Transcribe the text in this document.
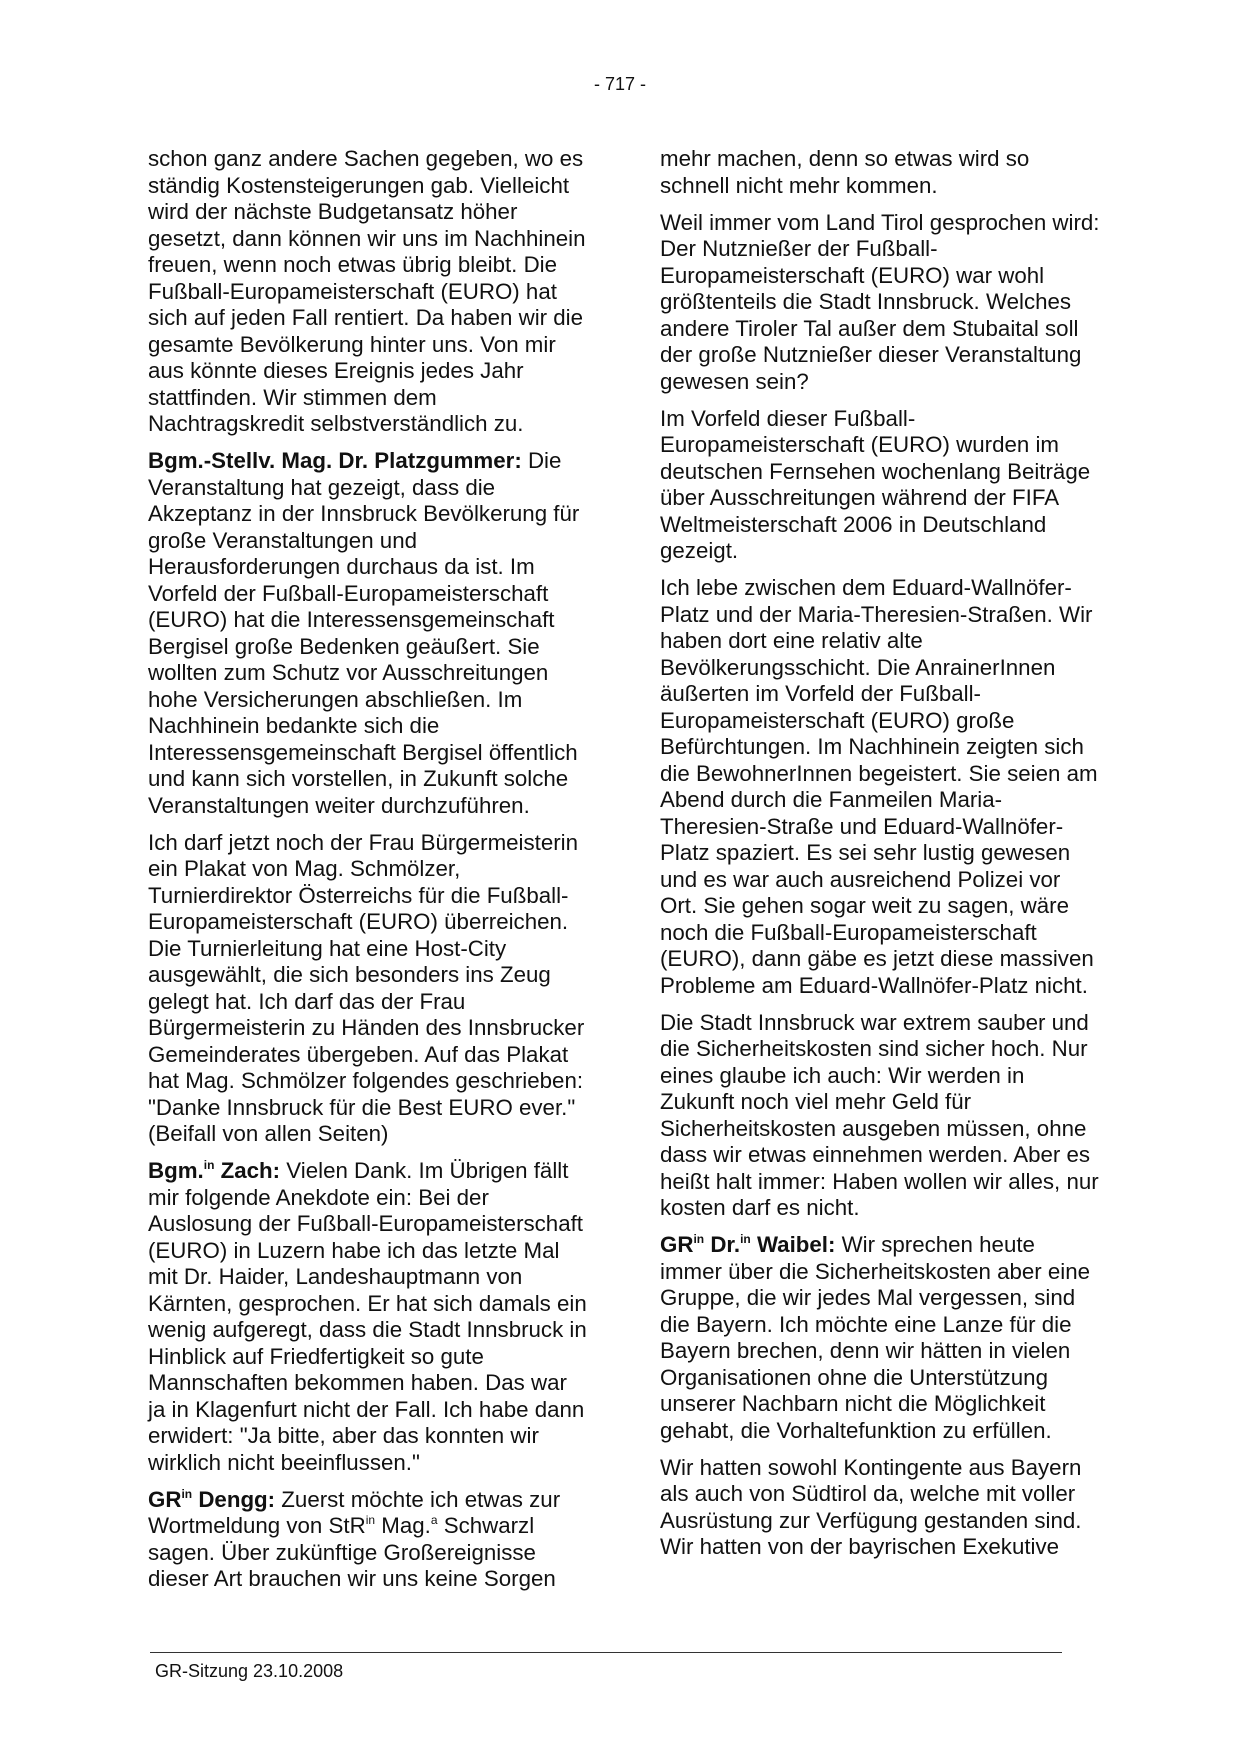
- 717 -

schon ganz andere Sachen gegeben, wo es ständig Kostensteigerungen gab. Vielleicht wird der nächste Budgetansatz höher gesetzt, dann können wir uns im Nachhinein freuen, wenn noch etwas übrig bleibt. Die Fußball-Europameisterschaft (EURO) hat sich auf jeden Fall rentiert. Da haben wir die gesamte Bevölkerung hinter uns. Von mir aus könnte dieses Ereignis jedes Jahr stattfinden. Wir stimmen dem Nachtragskredit selbstverständlich zu.

Bgm.-Stellv. Mag. Dr. Platzgummer: Die Veranstaltung hat gezeigt, dass die Akzeptanz in der Innsbruck Bevölkerung für große Veranstaltungen und Herausforderungen durchaus da ist. Im Vorfeld der Fußball-Europameisterschaft (EURO) hat die Interessensgemeinschaft Bergisel große Bedenken geäußert. Sie wollten zum Schutz vor Ausschreitungen hohe Versicherungen abschließen. Im Nachhinein bedankte sich die Interessensgemeinschaft Bergisel öffentlich und kann sich vorstellen, in Zukunft solche Veranstaltungen weiter durchzuführen.

Ich darf jetzt noch der Frau Bürgermeisterin ein Plakat von Mag. Schmölzer, Turnierdirektor Österreichs für die Fußball-Europameisterschaft (EURO) überreichen. Die Turnierleitung hat eine Host-City ausgewählt, die sich besonders ins Zeug gelegt hat. Ich darf das der Frau Bürgermeisterin zu Händen des Innsbrucker Gemeinderates übergeben. Auf das Plakat hat Mag. Schmölzer folgendes geschrieben: "Danke Innsbruck für die Best EURO ever." (Beifall von allen Seiten)

Bgm.$^{in}$ Zach: Vielen Dank. Im Übrigen fällt mir folgende Anekdote ein: Bei der Auslosung der Fußball-Europameisterschaft (EURO) in Luzern habe ich das letzte Mal mit Dr. Haider, Landeshauptmann von Kärnten, gesprochen. Er hat sich damals ein wenig aufgeregt, dass die Stadt Innsbruck in Hinblick auf Friedfertigkeit so gute Mannschaften bekommen haben. Das war ja in Klagenfurt nicht der Fall. Ich habe dann erwidert: "Ja bitte, aber das konnten wir wirklich nicht beeinflussen."

$GR^{in}$ Dengg: Zuerst möchte ich etwas zur Wortmeldung von StR$^{in}$ Mag.$^a$ Schwarzl sagen. Über zukünftige Großereignisse dieser Art brauchen wir uns keine Sorgen

mehr machen, denn so etwas wird so schnell nicht mehr kommen.

Weil immer vom Land Tirol gesprochen wird: Der Nutznießer der Fußball-Europameisterschaft (EURO) war wohl größtenteils die Stadt Innsbruck. Welches andere Tiroler Tal außer dem Stubaital soll der große Nutznießer dieser Veranstaltung gewesen sein?

Im Vorfeld dieser Fußball-Europameisterschaft (EURO) wurden im deutschen Fernsehen wochenlang Beiträge über Ausschreitungen während der FIFA Weltmeisterschaft 2006 in Deutschland gezeigt.

Ich lebe zwischen dem Eduard-Wallnöfer-Platz und der Maria-Theresien-Straßen. Wir haben dort eine relativ alte Bevölkerungsschicht. Die AnrainerInnen äußerten im Vorfeld der Fußball-Europameisterschaft (EURO) große Befürchtungen. Im Nachhinein zeigten sich die BewohnerInnen begeistert. Sie seien am Abend durch die Fanmeilen Maria-Theresien-Straße und Eduard-Wallnöfer-Platz spaziert. Es sei sehr lustig gewesen und es war auch ausreichend Polizei vor Ort. Sie gehen sogar weit zu sagen, wäre noch die Fußball-Europameisterschaft (EURO), dann gäbe es jetzt diese massiven Probleme am Eduard-Wallnöfer-Platz nicht.

Die Stadt Innsbruck war extrem sauber und die Sicherheitskosten sind sicher hoch. Nur eines glaube ich auch: Wir werden in Zukunft noch viel mehr Geld für Sicherheitskosten ausgeben müssen, ohne dass wir etwas einnehmen werden. Aber es heißt halt immer: Haben wollen wir alles, nur kosten darf es nicht.

$GR^{in}$ Dr.$^{in}$ Waibel: Wir sprechen heute immer über die Sicherheitskosten aber eine Gruppe, die wir jedes Mal vergessen, sind die Bayern. Ich möchte eine Lanze für die Bayern brechen, denn wir hätten in vielen Organisationen ohne die Unterstützung unserer Nachbarn nicht die Möglichkeit gehabt, die Vorhaltefunktion zu erfüllen.

Wir hatten sowohl Kontingente aus Bayern als auch von Südtirol da, welche mit voller Ausrüstung zur Verfügung gestanden sind. Wir hatten von der bayrischen Exekutive

GR-Sitzung 23.10.2008
